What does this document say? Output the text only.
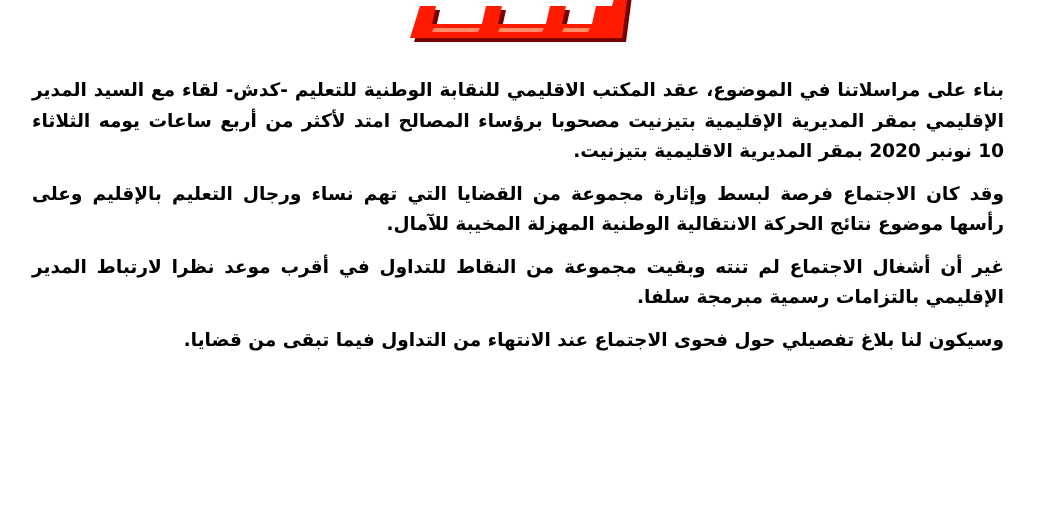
بناء على مراسلاتنا في الموضوع، عقد المكتب الاقليمي للنقابة الوطنية للتعليم -كدش- لقاء مع السيد المدير الإقليمي بمقر المديرية الإقليمية بتيزنيت مصحوبا برؤساء المصالح امتد لأكثر من أربع ساعات يومه الثلاثاء 10 نونبر 2020 بمقر المديرية الاقليمية بتيزنيت.

وقد كان الاجتماع فرصة لبسط وإثارة مجموعة من القضايا التي تهم نساء ورجال التعليم بالإقليم وعلى رأسها موضوع نتائج الحركة الانتقالية الوطنية المهزلة المخيبة للآمال.

غير أن أشغال الاجتماع لم تنته وبقيت مجموعة من النقاط للتداول في أقرب موعد نظرا لارتباط المدير الإقليمي بالتزامات رسمية مبرمجة سلفا.

وسيكون لنا بلاغ تفصيلي حول فحوى الاجتماع عند الانتهاء من التداول فيما تبقى من قضايا.
